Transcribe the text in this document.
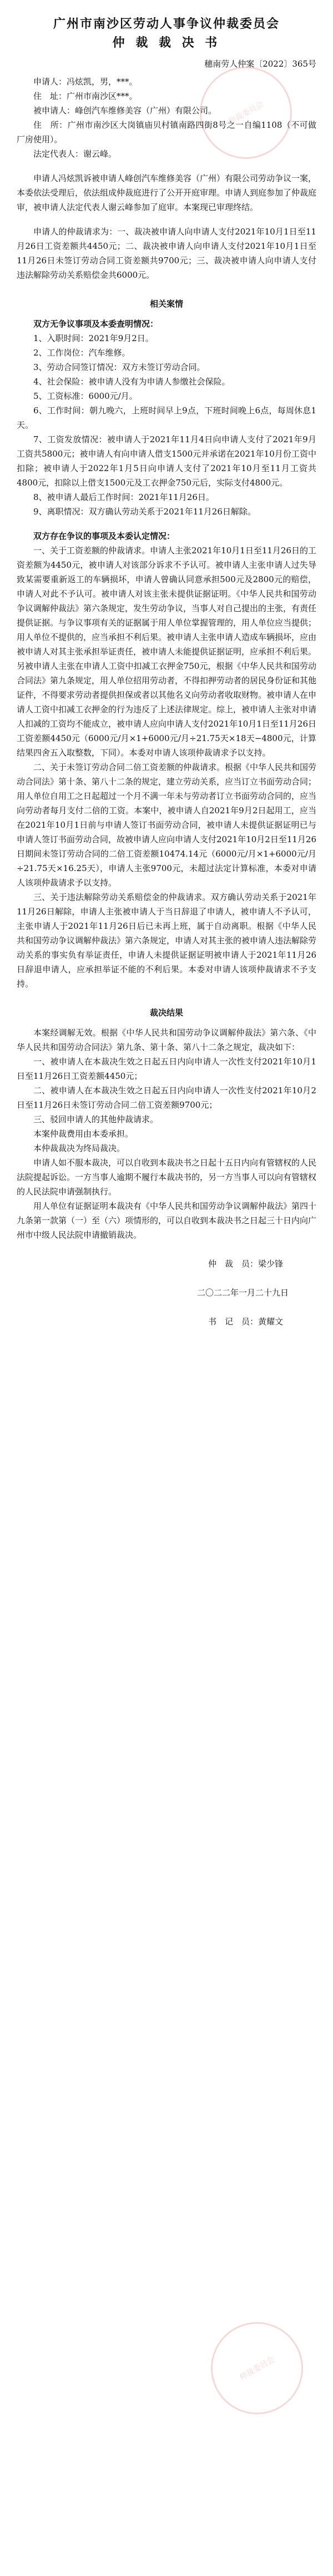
仲裁委员会
仲裁委员会
广州市南沙区劳动人事争议仲裁委员会
仲 裁 裁 决 书

穗南劳人仲案〔2022〕365号

申请人：冯炫凯，男，***。

住　址：广州市南沙区***。

被申请人：峰创汽车维修美容（广州）有限公司。

住　所：广州市南沙区大岗镇庙贝村镇南路四街8号之一自编1108（不可做厂房使用）。

法定代表人：谢云峰。

申请人冯炫凯诉被申请人峰创汽车维修美容（广州）有限公司劳动争议一案，本委依法受理后，依法组成仲裁庭进行了公开开庭审理。申请人到庭参加了仲裁庭审，被申请人法定代表人谢云峰参加了庭审。本案现已审理终结。

申请人的仲裁请求为：一、裁决被申请人向申请人支付2021年10月1日至11月26日工资差额共4450元；二、裁决被申请人向申请人支付2021年10月1日至11月26日未签订劳动合同工资差额共9700元；三、裁决被申请人向申请人支付违法解除劳动关系赔偿金共6000元。

相关案情

双方无争议事项及本委查明情况：

1、入职时间：2021年9月2日。

2、工作岗位：汽车维修。

3、劳动合同签订情况：双方未签订劳动合同。

4、社会保险：被申请人没有为申请人参缴社会保险。

5、工资标准：6000元/月。

6、工作时间：朝九晚六，上班时间早上9点，下班时间晚上6点，每周休息1天。

7、工资发放情况：被申请人于2021年11月4日向申请人支付了2021年9月工资共5800元；被申请人有向申请人借支1500元并承诺在2021年10月份工资中扣除；被申请人于2022年1月5日向申请人支付了2021年10月至11月工资共4800元，扣除以上借支1500元及工衣押金750元后，实际支付4800元。

8、被申请人最后工作时间：2021年11月26日。

9、离职情况：双方确认劳动关系于2021年11月26日解除。

双方存在争议的事项及本委认定情况：

一、关于工资差额的仲裁请求。申请人主张2021年10月1日至11月26日的工资差额为4450元，被申请人对该部分诉求不予认可。被申请人主张申请人过失导致某需要重新返工的车辆损坏，申请人曾确认同意承担500元及2800元的赔偿，申请人对此不予认可。被申请人对该主张未提供证据证明。《中华人民共和国劳动争议调解仲裁法》第六条规定，发生劳动争议，当事人对自己提出的主张，有责任提供证据。与争议事项有关的证据属于用人单位掌握管理的，用人单位应当提供；用人单位不提供的，应当承担不利后果。被申请人主张申请人造成车辆损坏，应由被申请人对其主张承担举证责任，被申请人未能提供证据证明，应承担不利后果。另被申请人主张在申请人工资中扣减工衣押金750元，根据《中华人民共和国劳动合同法》第九条规定，用人单位招用劳动者，不得扣押劳动者的居民身份证和其他证件，不得要求劳动者提供担保或者以其他名义向劳动者收取财物。被申请人在申请人工资中扣减工衣押金的行为违反了上述法律规定。综上，被申请人主张对申请人扣减的工资均不能成立，被申请人应向申请人支付2021年10月1日至11月26日工资差额4450元（6000元/月×1+6000元/月÷21.75天×18天−4800元，计算结果四舍五入取整数，下同）。本委对申请人该项仲裁请求予以支持。

二、关于未签订劳动合同二倍工资差额的仲裁请求。根据《中华人民共和国劳动合同法》第十条、第八十二条的规定，建立劳动关系，应当订立书面劳动合同；用人单位自用工之日起超过一个月不满一年未与劳动者订立书面劳动合同的，应当向劳动者每月支付二倍的工资。本案中，被申请人自2021年9月2日起用工，应当在2021年10月1日前与申请人签订书面劳动合同，被申请人未提供证据证明已与申请人签订书面劳动合同，故被申请人应向申请人支付2021年10月2日至11月26日期间未签订劳动合同的二倍工资差额10474.14元（6000元/月×1+6000元/月÷21.75天×16.25天），申请人主张9700元，未超过法定计算标准，本委对申请人该项仲裁请求予以支持。

三、关于违法解除劳动关系赔偿金的仲裁请求。双方确认劳动关系于2021年11月26日解除，申请人主张被申请人于当日辞退了申请人，被申请人不予认可，主张申请人于2021年11月26日后已未再上班，属于自动离职。根据《中华人民共和国劳动争议调解仲裁法》第六条规定，申请人对其主张的被申请人违法解除劳动关系的事实负有举证责任，申请人未提供证据证明被申请人于2021年11月26日辞退申请人，应承担举证不能的不利后果。本委对申请人该项仲裁请求不予支持。

裁决结果

本案经调解无效。根据《中华人民共和国劳动争议调解仲裁法》第六条、《中华人民共和国劳动合同法》第九条、第十条、第八十二条之规定，裁决如下：

一、被申请人在本裁决生效之日起五日内向申请人一次性支付2021年10月1日至11月26日工资差额4450元；

二、被申请人在本裁决生效之日起五日内向申请人一次性支付2021年10月2日至11月26日未签订劳动合同二倍工资差额9700元；

三、驳回申请人的其他仲裁请求。

本案仲裁费用由本委承担。

本仲裁裁决为终局裁决。

申请人如不服本裁决，可以自收到本裁决书之日起十五日内向有管辖权的人民法院提起诉讼。一方当事人逾期不履行本裁决书的，另一方当事人可以向有管辖权的人民法院申请强制执行。

用人单位有证据证明本裁决有《中华人民共和国劳动争议调解仲裁法》第四十九条第一款第（一）至（六）项情形的，可以自收到本裁决书之日起三十日内向广州市中级人民法院申请撤销裁决。

仲　裁　员：梁少锋

二〇二二年一月二十九日

书　记　员：黄耀文
